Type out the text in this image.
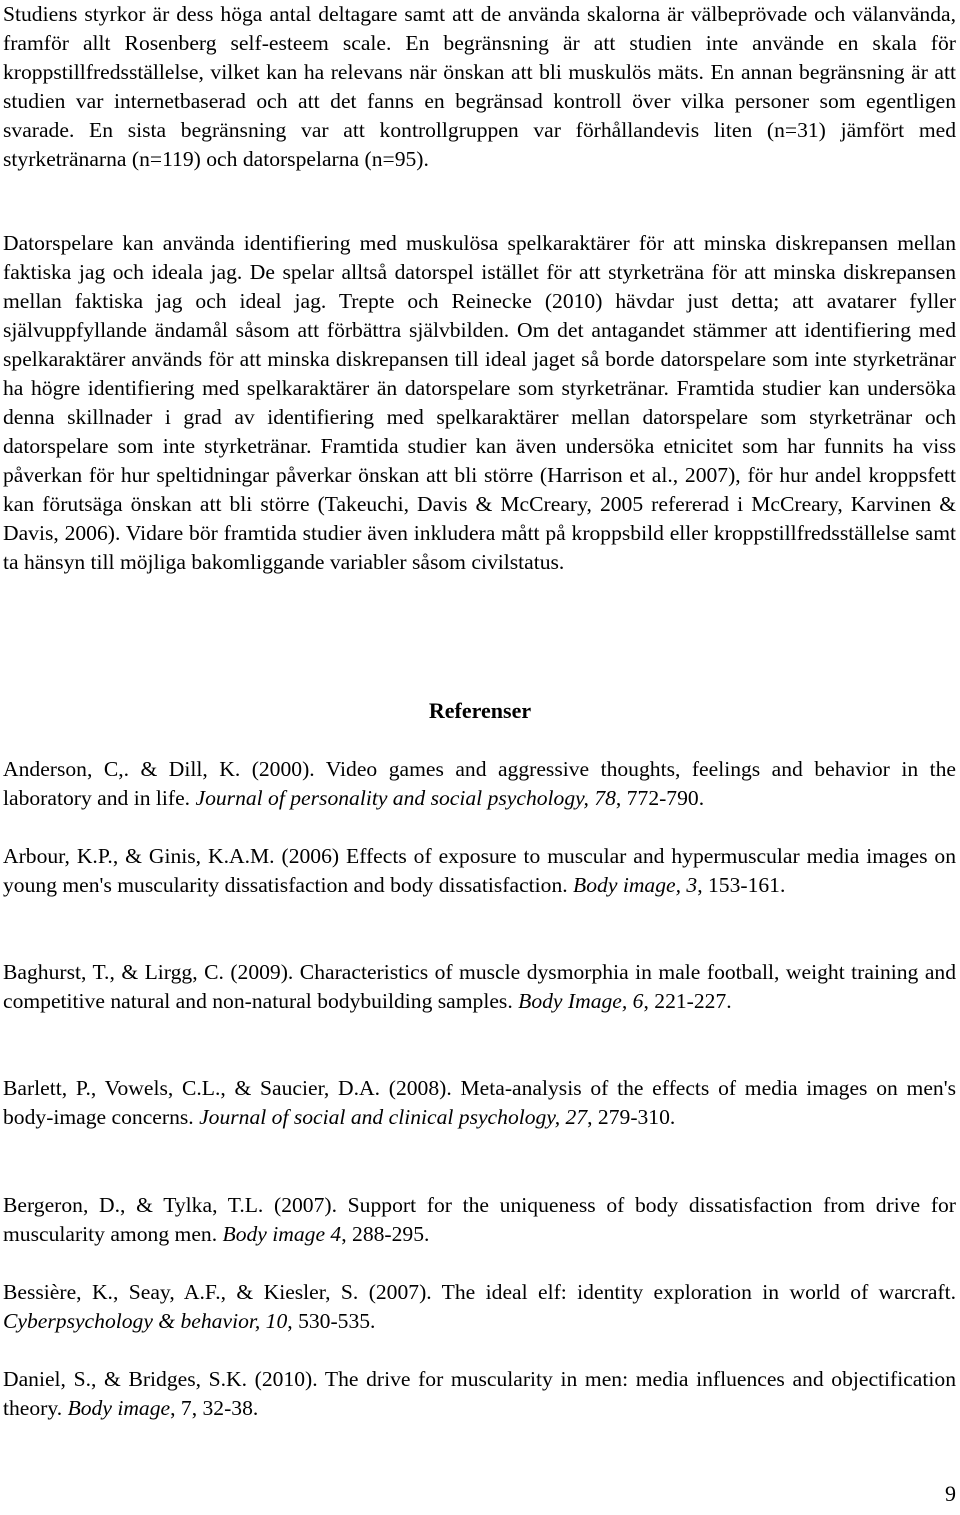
Studiens styrkor är dess höga antal deltagare samt att de använda skalorna är välbeprövade och välanvända, framför allt Rosenberg self-esteem scale. En begränsning är att studien inte använde en skala för kroppstillfredsställelse, vilket kan ha relevans när önskan att bli muskulös mäts. En annan begränsning är att studien var internetbaserad och att det fanns en begränsad kontroll över vilka personer som egentligen svarade. En sista begränsning var att kontrollgruppen var förhållandevis liten (n=31) jämfört med styrketränarna (n=119) och datorspelarna (n=95).

Datorspelare kan använda identifiering med muskulösa spelkaraktärer för att minska diskrepansen mellan faktiska jag och ideala jag. De spelar alltså datorspel istället för att styrketräna för att minska diskrepansen mellan faktiska jag och ideal jag. Trepte och Reinecke (2010) hävdar just detta; att avatarer fyller självuppfyllande ändamål såsom att förbättra självbilden. Om det antagandet stämmer att identifiering med spelkaraktärer används för att minska diskrepansen till ideal jaget så borde datorspelare som inte styrketränar ha högre identifiering med spelkaraktärer än datorspelare som styrketränar. Framtida studier kan undersöka denna skillnader i grad av identifiering med spelkaraktärer mellan datorspelare som styrketränar och datorspelare som inte styrketränar. Framtida studier kan även undersöka etnicitet som har funnits ha viss påverkan för hur speltidningar påverkar önskan att bli större (Harrison et al., 2007), för hur andel kroppsfett kan förutsäga önskan att bli större (Takeuchi, Davis & McCreary, 2005 refererad i McCreary, Karvinen & Davis, 2006). Vidare bör framtida studier även inkludera mått på kroppsbild eller kroppstillfredsställelse samt ta hänsyn till möjliga bakomliggande variabler såsom civilstatus.

Referenser

Anderson, C,. & Dill, K. (2000). Video games and aggressive thoughts, feelings and behavior in the laboratory and in life. Journal of personality and social psychology, 78, 772-790.

Arbour, K.P., & Ginis, K.A.M. (2006) Effects of exposure to muscular and hypermuscular media images on young men's muscularity dissatisfaction and body dissatisfaction. Body image, 3, 153-161.

Baghurst, T., & Lirgg, C. (2009). Characteristics of muscle dysmorphia in male football, weight training and competitive natural and non-natural bodybuilding samples. Body Image, 6, 221-227.

Barlett, P., Vowels, C.L., & Saucier, D.A. (2008). Meta-analysis of the effects of media images on men's body-image concerns. Journal of social and clinical psychology, 27, 279-310.

Bergeron, D., & Tylka, T.L. (2007). Support for the uniqueness of body dissatisfaction from drive for muscularity among men. Body image 4, 288-295.

Bessière, K., Seay, A.F., & Kiesler, S. (2007). The ideal elf: identity exploration in world of warcraft. Cyberpsychology & behavior, 10, 530-535.

Daniel, S., & Bridges, S.K. (2010). The drive for muscularity in men: media influences and objectification theory. Body image, 7, 32-38.

9
